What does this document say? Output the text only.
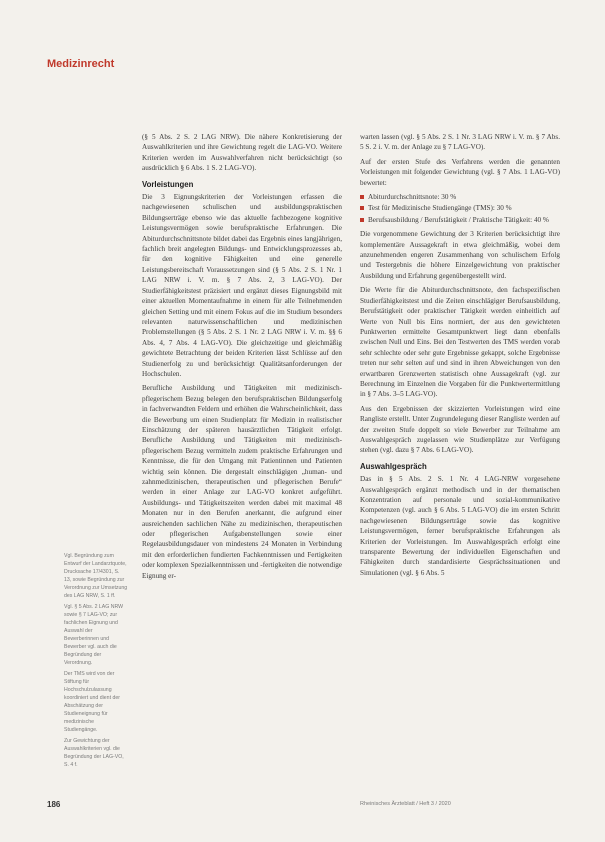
Medizinrecht

(§ 5 Abs. 2 S. 2 LAG NRW). Die nähere Konkretisierung der Auswahlkriterien und ihre Gewichtung regelt die LAG-VO. Weitere Kriterien werden im Auswahlverfahren nicht berücksichtigt (so ausdrücklich § 6 Abs. 1 S. 2 LAG-VO).

Vorleistungen

Die 3 Eignungskriterien der Vorleistungen erfassen die nachgewiesenen schulischen und ausbildungspraktischen Bildungserträge ebenso wie das aktuelle fachbezogene kognitive Leistungsvermögen sowie berufspraktische Erfahrungen. Die Abiturdurchschnittsnote bildet dabei das Ergebnis eines langjährigen, fachlich breit angelegten Bildungs- und Entwicklungsprozesses ab, für den kognitive Fähigkeiten und eine generelle Leistungsbereitschaft Voraussetzungen sind (§ 5 Abs. 2 S. 1 Nr. 1 LAG NRW i. V. m. § 7 Abs. 2, 3 LAG-VO). Der Studierfähigkeitstest präzisiert und ergänzt dieses Eignungsbild mit einer aktuellen Momentaufnahme in einem für alle Teilnehmenden gleichen Setting und mit einem Fokus auf die im Studium besonders relevanten naturwissenschaftlichen und medizinischen Problemstellungen (§ 5 Abs. 2 S. 1 Nr. 2 LAG NRW i. V. m. §§ 6 Abs. 4, 7 Abs. 4 LAG-VO). Die gleichzeitige und gleichmäßig gewichtete Betrachtung der beiden Kriterien lässt Schlüsse auf den Studienerfolg zu und berücksichtigt Qualitätsanforderungen der Hochschulen.

Berufliche Ausbildung und Tätigkeiten mit medizinisch-pflegerischem Bezug belegen den berufspraktischen Bildungserfolg in fachverwandten Feldern und erhöhen die Wahrscheinlichkeit, dass die Bewerbung um einen Studienplatz für Medizin in realistischer Einschätzung der späteren hausärztlichen Tätigkeit erfolgt. Berufliche Ausbildung und Tätigkeiten mit medizinisch-pflegerischem Bezug vermitteln zudem praktische Erfahrungen und Kenntnisse, die für den Umgang mit Patientinnen und Patienten wichtig sein können. Die dergestalt einschlägigen „human- und zahnmedizinischen, therapeutischen und pflegerischen Berufe“ werden in einer Anlage zur LAG-VO konkret aufgeführt. Ausbildungs- und Tätigkeitszeiten werden dabei mit maximal 48 Monaten nur in den Berufen anerkannt, die aufgrund einer ausreichenden sachlichen Nähe zu medizinischen, therapeutischen oder pflegerischen Aufgabenstellungen sowie einer Regelausbildungsdauer von mindestens 24 Monaten in Verbindung mit den erforderlichen fundierten Fachkenntnissen und Fertigkeiten oder komplexen Spezialkenntnissen und -fertigkeiten die notwendige Eignung er-

warten lassen (vgl. § 5 Abs. 2 S. 1 Nr. 3 LAG NRW i. V. m. § 7 Abs. 5 S. 2 i. V. m. der Anlage zu § 7 LAG-VO).

Auf der ersten Stufe des Verfahrens werden die genannten Vorleistungen mit folgender Gewichtung (vgl. § 7 Abs. 1 LAG-VO) bewertet:

Abiturdurchschnittsnote: 30 %
Test für Medizinische Studiengänge (TMS): 30 %
Berufsausbildung / Berufstätigkeit / Praktische Tätigkeit: 40 %

Die vorgenommene Gewichtung der 3 Kriterien berücksichtigt ihre komplementäre Aussagekraft in etwa gleichmäßig, wobei dem anzunehmenden engeren Zusammenhang von schulischem Erfolg und Testergebnis die höhere Einzelgewichtung von praktischer Ausbildung und Erfahrung gegenübergestellt wird.

Die Werte für die Abiturdurchschnittsnote, den fachspezifischen Studierfähigkeitstest und die Zeiten einschlägiger Berufsausbildung, Berufstätigkeit oder praktischer Tätigkeit werden einheitlich auf Werte von Null bis Eins normiert, der aus den gewichteten Punktwerten ermittelte Gesamtpunktwert liegt dann ebenfalls zwischen Null und Eins. Bei den Testwerten des TMS werden vorab sehr schlechte oder sehr gute Ergebnisse gekappt, solche Ergebnisse treten nur sehr selten auf und sind in ihren Abweichungen von den erwartbaren Grenzwerten statistisch ohne Aussagekraft (vgl. zur Berechnung im Einzelnen die Vorgaben für die Punktwertermittlung in § 7 Abs. 3–5 LAG-VO).

Aus den Ergebnissen der skizzierten Vorleistungen wird eine Rangliste erstellt. Unter Zugrundelegung dieser Rangliste werden auf der zweiten Stufe doppelt so viele Bewerber zur Teilnahme am Auswahlgespräch zugelassen wie Studienplätze zur Verfügung stehen (vgl. dazu § 7 Abs. 6 LAG-VO).

Auswahlgespräch

Das in § 5 Abs. 2 S. 1 Nr. 4 LAG-NRW vorgesehene Auswahlgespräch ergänzt methodisch und in der thematischen Konzentration auf personale und sozial-kommunikative Kompetenzen (vgl. auch § 6 Abs. 5 LAG-VO) die im ersten Schritt nachgewiesenen Bildungserträge sowie das kognitive Leistungsvermögen, ferner berufspraktische Erfahrungen als Kriterien der Vorleistungen. Im Auswahlgespräch erfolgt eine transparente Bewertung der individuellen Eigenschaften und Fähigkeiten durch standardisierte Gesprächssituationen und Simulationen (vgl. § 6 Abs. 5

Vgl. Begründung zum Entwurf der Landarztquote, Drucksache 17/4301, S. 13, sowie Begründung zur Verordnung zur Umsetzung des LAG NRW, S. 1 ff.
Vgl. § 5 Abs. 2 LAG NRW sowie § 7 LAG-VO; zur fachlichen Eignung und Auswahl der Bewerberinnen und Bewerber vgl. auch die Begründung der Verordnung.
Der TMS wird von der Stiftung für Hochschulzulassung koordiniert und dient der Abschätzung der Studieneignung für medizinische Studiengänge.
Zur Gewichtung der Auswahlkriterien vgl. die Begründung der LAG-VO, S. 4 f.
186	Rheinisches Ärzteblatt / Heft 3 / 2020
